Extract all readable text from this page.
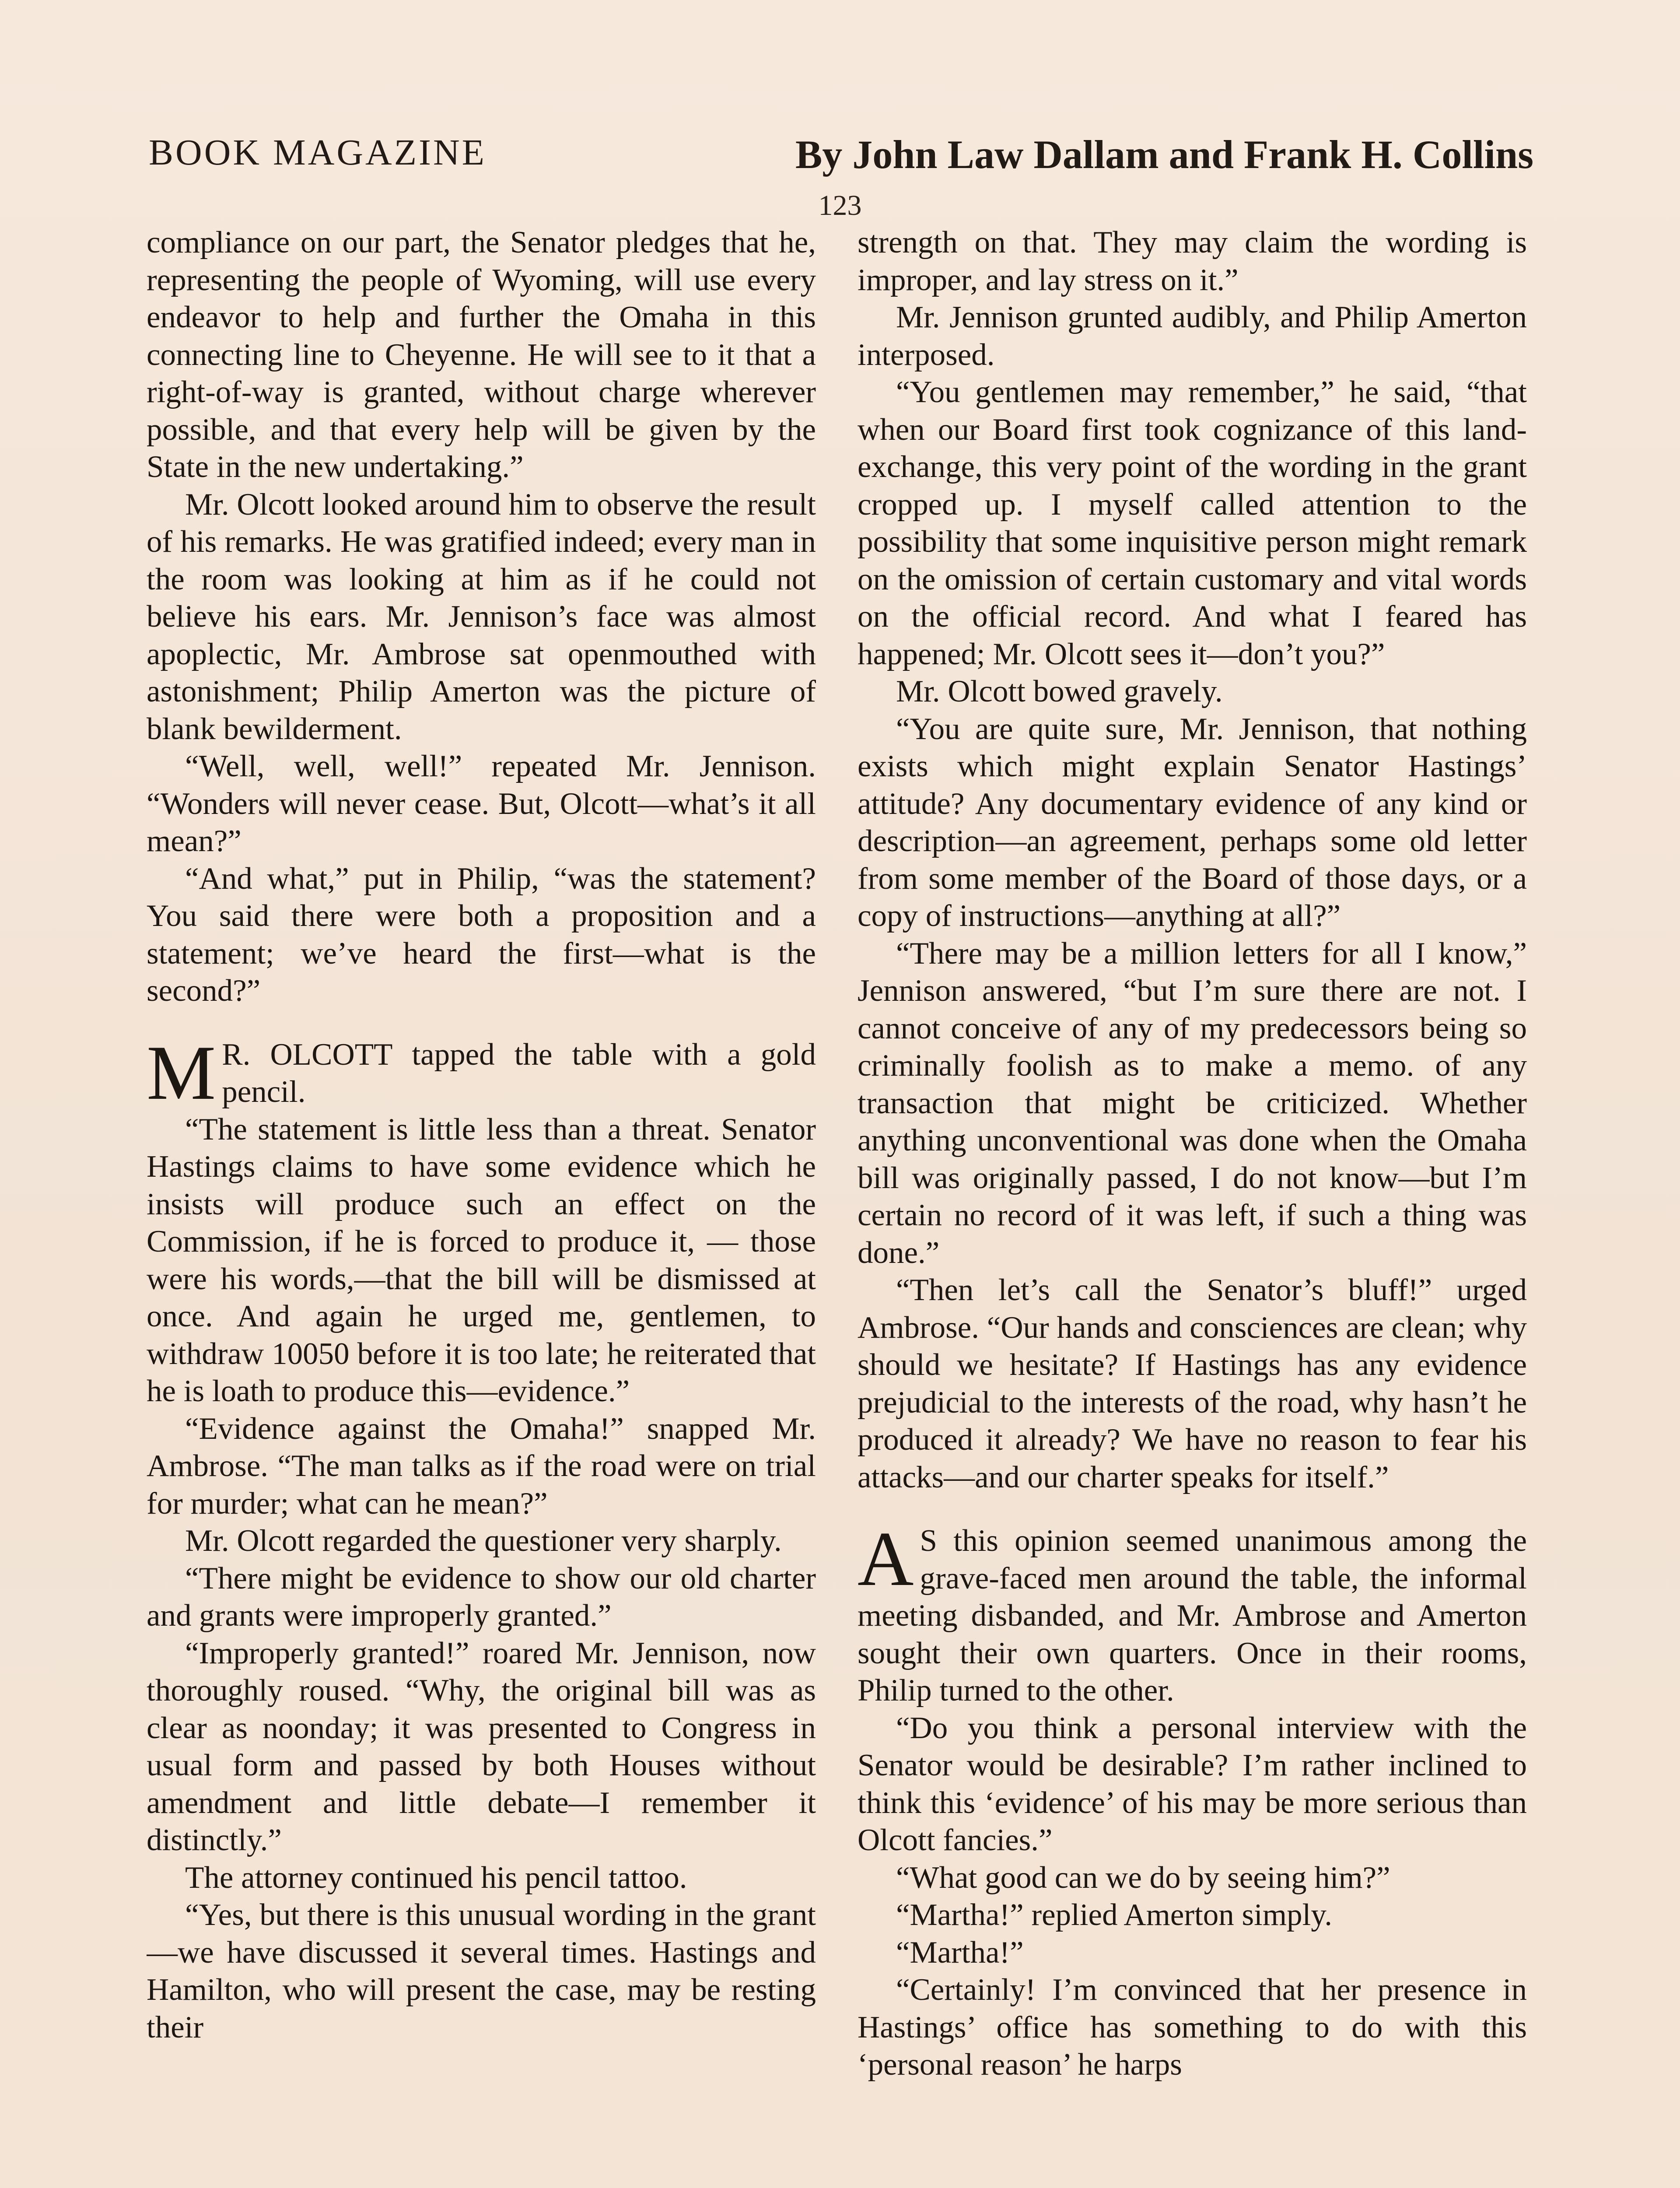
BOOK MAGAZINE	By John Law Dallam and Frank H. Collins
123

compliance on our part, the Senator pledges that he, representing the people of Wyoming, will use every endeavor to help and further the Omaha in this connecting line to Cheyenne. He will see to it that a right-of-way is granted, without charge wherever possible, and that every help will be given by the State in the new undertaking.”

Mr. Olcott looked around him to observe the result of his remarks. He was gratified indeed; every man in the room was looking at him as if he could not believe his ears. Mr. Jennison’s face was almost apoplectic, Mr. Ambrose sat openmouthed with astonishment; Philip Amerton was the picture of blank bewilderment.

“Well, well, well!” repeated Mr. Jennison. “Wonders will never cease. But, Olcott—what’s it all mean?”

“And what,” put in Philip, “was the statement? You said there were both a proposition and a statement; we’ve heard the first—what is the second?”

M R. OLCOTT tapped the table with a gold pencil.

“The statement is little less than a threat. Senator Hastings claims to have some evidence which he insists will produce such an effect on the Commission, if he is forced to produce it, — those were his words,—that the bill will be dismissed at once. And again he urged me, gentlemen, to withdraw 10050 before it is too late; he reiterated that he is loath to produce this—evidence.”

“Evidence against the Omaha!” snapped Mr. Ambrose. “The man talks as if the road were on trial for murder; what can he mean?”

Mr. Olcott regarded the questioner very sharply.

“There might be evidence to show our old charter and grants were improperly granted.”

“Improperly granted!” roared Mr. Jennison, now thoroughly roused. “Why, the original bill was as clear as noonday; it was presented to Congress in usual form and passed by both Houses without amendment and little debate—I remember it distinctly.”

The attorney continued his pencil tattoo.

“Yes, but there is this unusual wording in the grant—we have discussed it several times. Hastings and Hamilton, who will present the case, may be resting their

strength on that. They may claim the wording is improper, and lay stress on it.”

Mr. Jennison grunted audibly, and Philip Amerton interposed.

“You gentlemen may remember,” he said, “that when our Board first took cognizance of this land-exchange, this very point of the wording in the grant cropped up. I myself called attention to the possibility that some inquisitive person might remark on the omission of certain customary and vital words on the official record. And what I feared has happened; Mr. Olcott sees it—don’t you?”

Mr. Olcott bowed gravely.

“You are quite sure, Mr. Jennison, that nothing exists which might explain Senator Hastings’ attitude? Any documentary evidence of any kind or description—an agreement, perhaps some old letter from some member of the Board of those days, or a copy of instructions—anything at all?”

“There may be a million letters for all I know,” Jennison answered, “but I’m sure there are not. I cannot conceive of any of my predecessors being so criminally foolish as to make a memo. of any transaction that might be criticized. Whether anything unconventional was done when the Omaha bill was originally passed, I do not know—but I’m certain no record of it was left, if such a thing was done.”

“Then let’s call the Senator’s bluff!” urged Ambrose. “Our hands and consciences are clean; why should we hesitate? If Hastings has any evidence prejudicial to the interests of the road, why hasn’t he produced it already? We have no reason to fear his attacks—and our charter speaks for itself.”

A S this opinion seemed unanimous among the grave-faced men around the table, the informal meeting disbanded, and Mr. Ambrose and Amerton sought their own quarters. Once in their rooms, Philip turned to the other.

“Do you think a personal interview with the Senator would be desirable? I’m rather inclined to think this ‘evidence’ of his may be more serious than Olcott fancies.”

“What good can we do by seeing him?”

“Martha!” replied Amerton simply.

“Martha!”

“Certainly! I’m convinced that her presence in Hastings’ office has something to do with this ‘personal reason’ he harps
